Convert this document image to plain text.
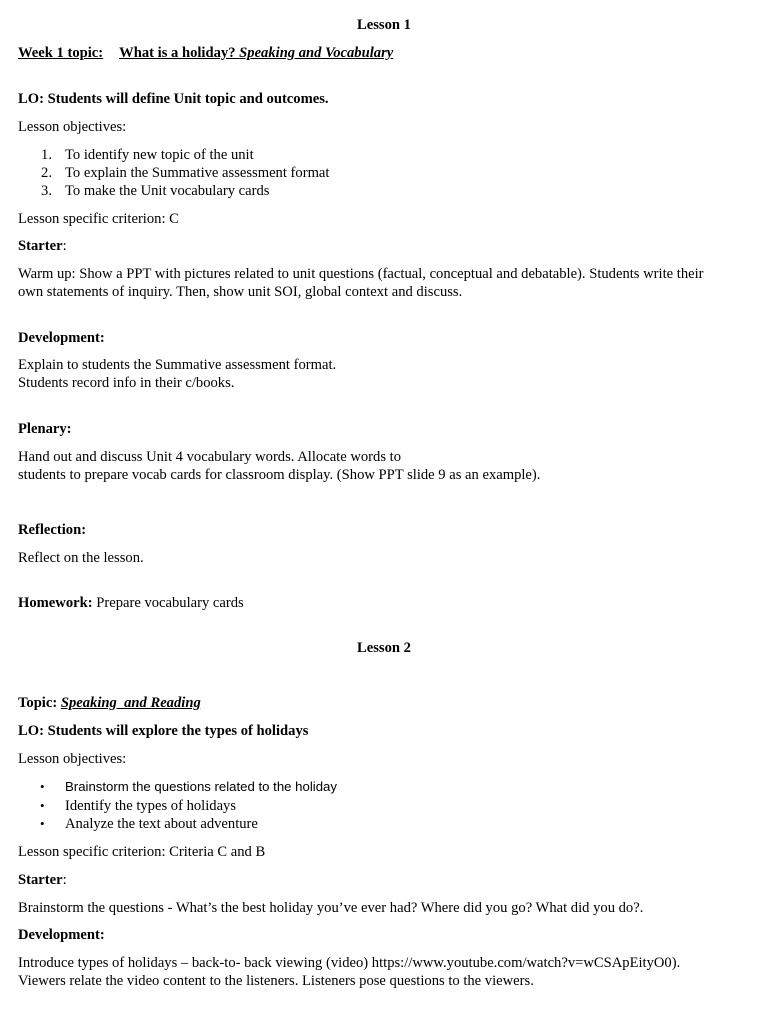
Lesson 1
Week 1 topic: What is a holiday? Speaking and Vocabulary
LO: Students will define Unit topic and outcomes.
Lesson objectives:
1. To identify new topic of the unit
2. To explain the Summative assessment format
3. To make the Unit vocabulary cards
Lesson specific criterion: C
Starter:
Warm up: Show a PPT with pictures related to unit questions (factual, conceptual and debatable). Students write their
own statements of inquiry. Then, show unit SOI, global context and discuss.
Development:
Explain to students the Summative assessment format.
Students record info in their c/books.
Plenary:
Hand out and discuss Unit 4 vocabulary words. Allocate words to
students to prepare vocab cards for classroom display. (Show PPT slide 9 as an example).
Reflection:
Reflect on the lesson.
Homework: Prepare vocabulary cards
Lesson 2
Topic: Speaking  and Reading
LO: Students will explore the types of holidays
Lesson objectives:
• Brainstorm the questions related to the holiday
• Identify the types of holidays
• Analyze the text about adventure
Lesson specific criterion: Criteria C and B
Starter:
Brainstorm the questions - What’s the best holiday you’ve ever had? Where did you go? What did you do?.
Development:
Introduce types of holidays – back-to- back viewing (video) https://www.youtube.com/watch?v=wCSApEityO0).
Viewers relate the video content to the listeners. Listeners pose questions to the viewers.
